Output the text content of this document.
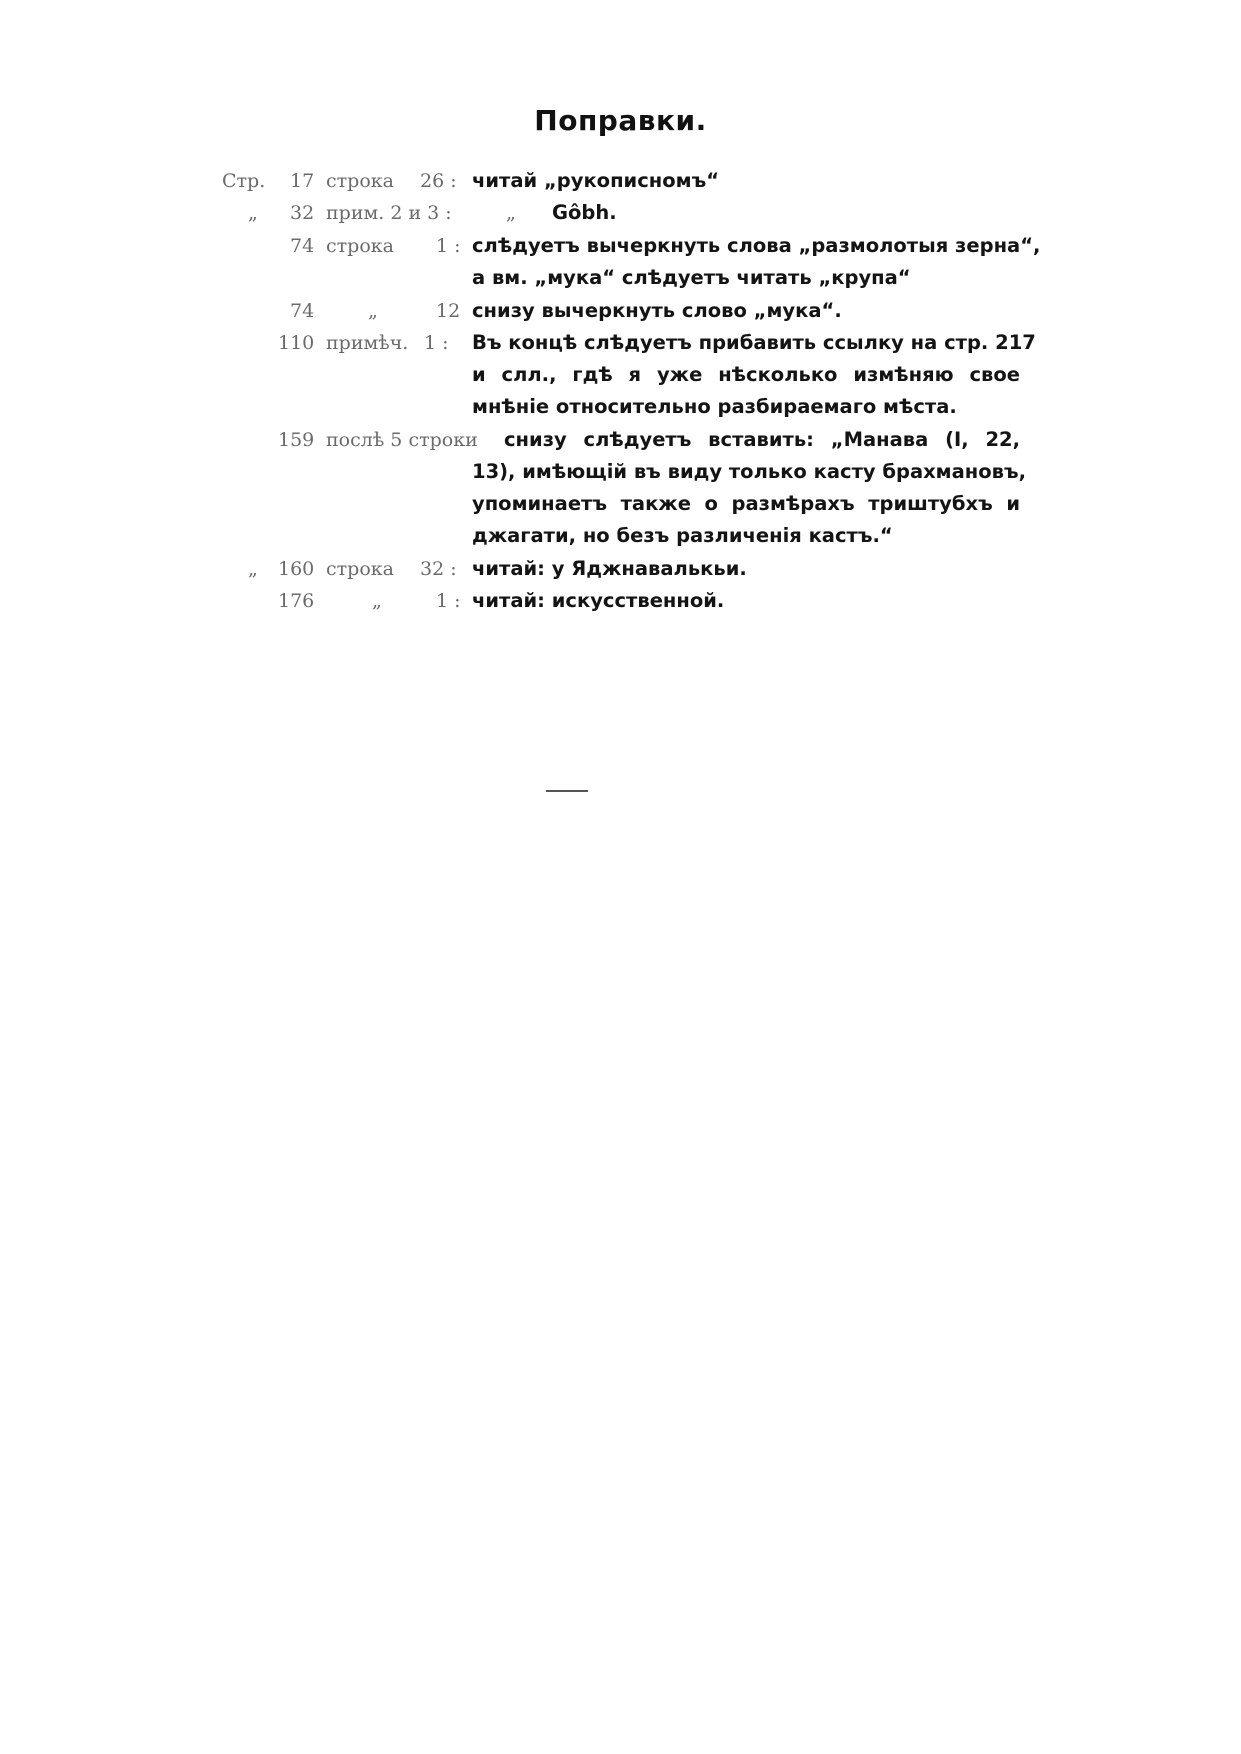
Поправки.
Стр. 17 строка 26 : читай „рукописномъ“
„ 32 прим. 2 и 3 :	„ Gôbh.
74 строка 1 : слѣдуетъ вычеркнуть слова „размолотыя зерна“,
а вм. „мука“ слѣдуетъ читать „крупа“
74	„	12 снизу вычеркнуть слово „мука“.
110 примѣч. 1 : Въ концѣ слѣдуетъ прибавить ссылку на стр. 217
и слл., гдѣ я уже нѣсколько измѣняю свое
мнѣніе относительно разбираемаго мѣста.
159 послѣ 5 строки снизу слѣдуетъ вставить: „Манава (I, 22,
13), имѣющій въ виду только касту брахмановъ,
упоминаетъ также о размѣрахъ триштубхъ и
джагати, но безъ различенія кастъ.“
„ 160 строка 32 : читай: у Яджнавалькьи.
176	„	1 : читай: искусственной.
